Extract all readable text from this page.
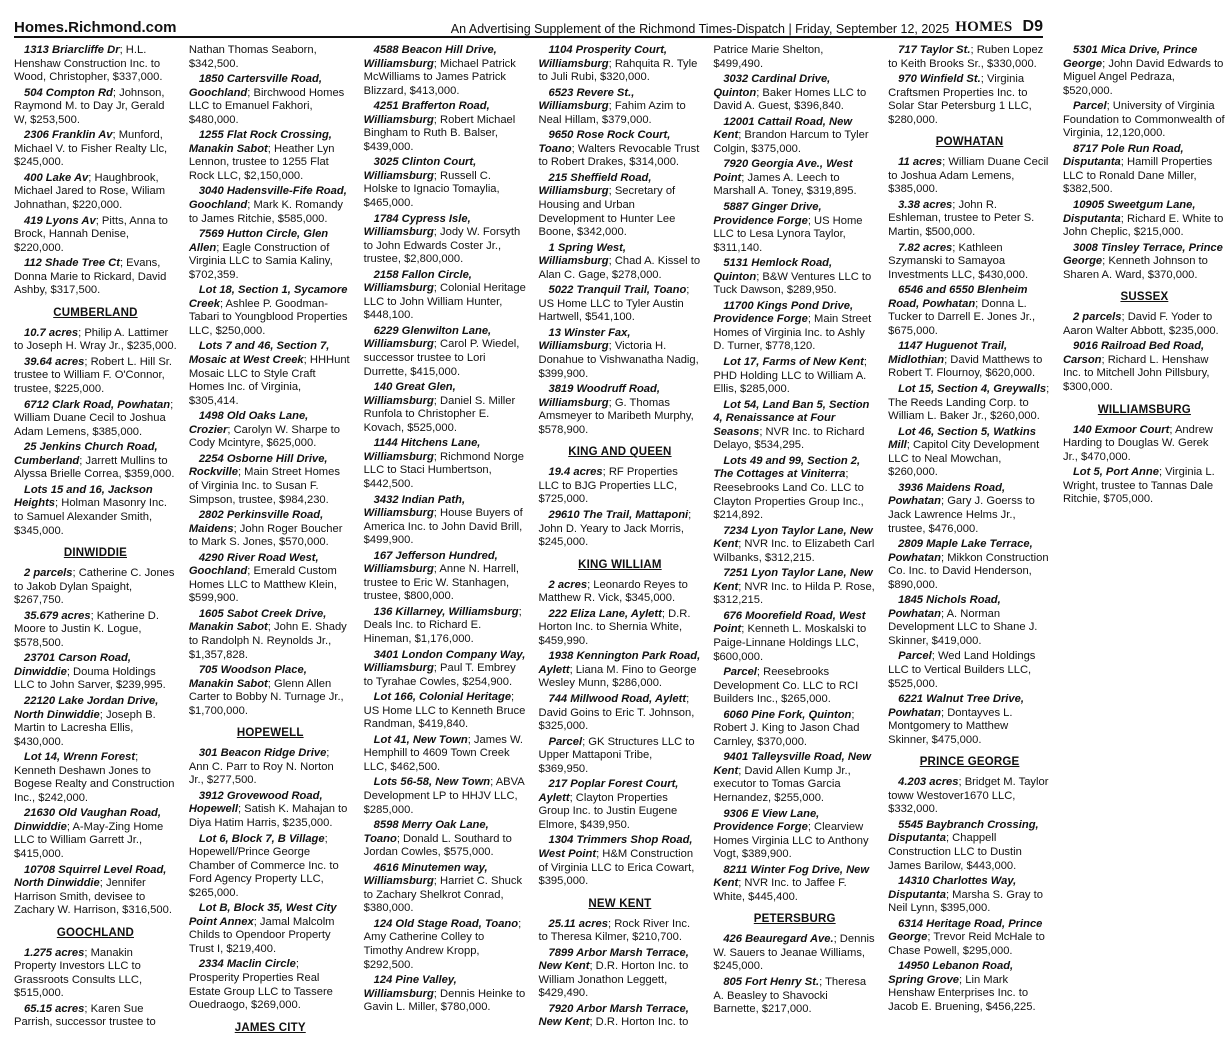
Homes.Richmond.com	An Advertising Supplement of the Richmond Times-Dispatch | Friday, September 12, 2025 HOMES D9
1313 Briarcliffe Dr; H.L. Henshaw Construction Inc. to Wood, Christopher, $337,000.
504 Compton Rd; Johnson, Raymond M. to Day Jr, Gerald W, $253,500.
2306 Franklin Av; Munford, Michael V. to Fisher Realty Llc, $245,000.
400 Lake Av; Haughbrook, Michael Jared to Rose, Wiliam Johnathan, $220,000.
419 Lyons Av; Pitts, Anna to Brock, Hannah Denise, $220,000.
112 Shade Tree Ct; Evans, Donna Marie to Rickard, David Ashby, $317,500.
CUMBERLAND
10.7 acres; Philip A. Lattimer to Joseph H. Wray Jr., $235,000.
39.64 acres; Robert L. Hill Sr. trustee to William F. O'Connor, trustee, $225,000.
6712 Clark Road, Powhatan; William Duane Cecil to Joshua Adam Lemens, $385,000.
25 Jenkins Church Road, Cumberland; Jarrett Mullins to Alyssa Brielle Correa, $359,000.
Lots 15 and 16, Jackson Heights; Holman Masonry Inc. to Samuel Alexander Smith, $345,000.
DINWIDDIE
2 parcels; Catherine C. Jones to Jakob Dylan Spaight, $267,750.
35.679 acres; Katherine D. Moore to Justin K. Logue, $578,500.
23701 Carson Road, Dinwiddie; Douma Holdings LLC to John Sarver, $239,995.
22120 Lake Jordan Drive, North Dinwiddie; Joseph B. Martin to Lacresha Ellis, $430,000.
Lot 14, Wrenn Forest; Kenneth Deshawn Jones to Bogese Realty and Construction Inc., $242,000.
21630 Old Vaughan Road, Dinwiddie; A-May-Zing Home LLC to William Garrett Jr., $415,000.
10708 Squirrel Level Road, North Dinwiddie; Jennifer Harrison Smith, devisee to Zachary W. Harrison, $316,500.
GOOCHLAND
1.275 acres; Manakin Property Investors LLC to Grassroots Consults LLC, $515,000.
65.15 acres; Karen Sue Parrish, successor trustee to Nathan Thomas Seaborn, $342,500.
1850 Cartersville Road, Goochland; Birchwood Homes LLC to Emanuel Fakhori, $480,000.
1255 Flat Rock Crossing, Manakin Sabot; Heather Lyn Lennon, trustee to 1255 Flat Rock LLC, $2,150,000.
3040 Hadensville-Fife Road, Goochland; Mark K. Romandy to James Ritchie, $585,000.
7569 Hutton Circle, Glen Allen; Eagle Construction of Virginia LLC to Samia Kaliny, $702,359.
Lot 18, Section 1, Sycamore Creek; Ashlee P. Goodman-Tabari to Youngblood Properties LLC, $250,000.
Lots 7 and 46, Section 7, Mosaic at West Creek; HHHunt Mosaic LLC to Style Craft Homes Inc. of Virginia, $305,414.
1498 Old Oaks Lane, Crozier; Carolyn W. Sharpe to Cody Mcintyre, $625,000.
2254 Osborne Hill Drive, Rockville; Main Street Homes of Virginia Inc. to Susan F. Simpson, trustee, $984,230.
2802 Perkinsville Road, Maidens; John Roger Boucher to Mark S. Jones, $570,000.
4290 River Road West, Goochland; Emerald Custom Homes LLC to Matthew Klein, $599,900.
1605 Sabot Creek Drive, Manakin Sabot; John E. Shady to Randolph N. Reynolds Jr., $1,357,828.
705 Woodson Place, Manakin Sabot; Glenn Allen Carter to Bobby N. Turnage Jr., $1,700,000.
HOPEWELL
301 Beacon Ridge Drive; Ann C. Parr to Roy N. Norton Jr., $277,500.
3912 Grovewood Road, Hopewell; Satish K. Mahajan to Diya Hatim Harris, $235,000.
Lot 6, Block 7, B Village; Hopewell/Prince George Chamber of Commerce Inc. to Ford Agency Property LLC, $265,000.
Lot B, Block 35, West City Point Annex; Jamal Malcolm Childs to Opendoor Property Trust I, $219,400.
2334 Maclin Circle; Prosperity Properties Real Estate Group LLC to Tassere Ouedraogo, $269,000.
JAMES CITY
4588 Beacon Hill Drive, Williamsburg; Michael Patrick McWilliams to James Patrick Blizzard, $413,000.
4251 Brafferton Road, Williamsburg; Robert Michael Bingham to Ruth B. Balser, $439,000.
3025 Clinton Court, Williamsburg; Russell C. Holske to Ignacio Tomaylia, $465,000.
1784 Cypress Isle, Williamsburg; Jody W. Forsyth to John Edwards Coster Jr., trustee, $2,800,000.
2158 Fallon Circle, Williamsburg; Colonial Heritage LLC to John William Hunter, $448,100.
6229 Glenwilton Lane, Williamsburg; Carol P. Wiedel, successor trustee to Lori Durrette, $415,000.
140 Great Glen, Williamsburg; Daniel S. Miller Runfola to Christopher E. Kovach, $525,000.
1144 Hitchens Lane, Williamsburg; Richmond Norge LLC to Staci Humbertson, $442,500.
3432 Indian Path, Williamsburg; House Buyers of America Inc. to John David Brill, $499,900.
167 Jefferson Hundred, Williamsburg; Anne N. Harrell, trustee to Eric W. Stanhagen, trustee, $800,000.
136 Killarney, Williamsburg; Deals Inc. to Richard E. Hineman, $1,176,000.
3401 London Company Way, Williamsburg; Paul T. Embrey to Tyrahae Cowles, $254,900.
Lot 166, Colonial Heritage; US Home LLC to Kenneth Bruce Randman, $419,840.
Lot 41, New Town; James W. Hemphill to 4609 Town Creek LLC, $462,500.
Lots 56-58, New Town; ABVA Development LP to HHJV LLC, $285,000.
8598 Merry Oak Lane, Toano; Donald L. Southard to Jordan Cowles, $575,000.
4616 Minutemen way, Williamsburg; Harriet C. Shuck to Zachary Shelkrot Conrad, $380,000.
124 Old Stage Road, Toano; Amy Catherine Colley to Timothy Andrew Kropp, $292,500.
124 Pine Valley, Williamsburg; Dennis Heinke to Gavin L. Miller, $780,000.
1104 Prosperity Court, Williamsburg; Rahquita R. Tyle to Juli Rubi, $320,000.
6523 Revere St., Williamsburg; Fahim Azim to Neal Hillam, $379,000.
9650 Rose Rock Court, Toano; Walters Revocable Trust to Robert Drakes, $314,000.
215 Sheffield Road, Williamsburg; Secretary of Housing and Urban Development to Hunter Lee Boone, $342,000.
1 Spring West, Williamsburg; Chad A. Kissel to Alan C. Gage, $278,000.
5022 Tranquil Trail, Toano; US Home LLC to Tyler Austin Hartwell, $541,100.
13 Winster Fax, Williamsburg; Victoria H. Donahue to Vishwanatha Nadig, $399,900.
3819 Woodruff Road, Williamsburg; G. Thomas Amsmeyer to Maribeth Murphy, $578,900.
KING AND QUEEN
19.4 acres; RF Properties LLC to BJG Properties LLC, $725,000.
29610 The Trail, Mattaponi; John D. Yeary to Jack Morris, $245,000.
KING WILLIAM
2 acres; Leonardo Reyes to Matthew R. Vick, $345,000.
222 Eliza Lane, Aylett; D.R. Horton Inc. to Shernia White, $459,990.
1938 Kennington Park Road, Aylett; Liana M. Fino to George Wesley Munn, $286,000.
744 Millwood Road, Aylett; David Goins to Eric T. Johnson, $325,000.
Parcel; GK Structures LLC to Upper Mattaponi Tribe, $369,950.
217 Poplar Forest Court, Aylett; Clayton Properties Group Inc. to Justin Eugene Elmore, $439,950.
1304 Trimmers Shop Road, West Point; H&M Construction of Virginia LLC to Erica Cowart, $395,000.
NEW KENT
25.11 acres; Rock River Inc. to Theresa Kilmer, $210,700.
7899 Arbor Marsh Terrace, New Kent; D.R. Horton Inc. to William Jonathon Leggett, $429,490.
7920 Arbor Marsh Terrace, New Kent; D.R. Horton Inc. to Patrice Marie Shelton, $499,490.
3032 Cardinal Drive, Quinton; Baker Homes LLC to David A. Guest, $396,840.
12001 Cattail Road, New Kent; Brandon Harcum to Tyler Colgin, $375,000.
7920 Georgia Ave., West Point; James A. Leech to Marshall A. Toney, $319,895.
5887 Ginger Drive, Providence Forge; US Home LLC to Lesa Lynora Taylor, $311,140.
5131 Hemlock Road, Quinton; B&W Ventures LLC to Tuck Dawson, $289,950.
11700 Kings Pond Drive, Providence Forge; Main Street Homes of Virginia Inc. to Ashly D. Turner, $778,120.
Lot 17, Farms of New Kent; PHD Holding LLC to William A. Ellis, $285,000.
Lot 54, Land Ban 5, Section 4, Renaissance at Four Seasons; NVR Inc. to Richard Delayo, $534,295.
Lots 49 and 99, Section 2, The Cottages at Viniterra; Reesebrooks Land Co. LLC to Clayton Properties Group Inc., $214,892.
7234 Lyon Taylor Lane, New Kent; NVR Inc. to Elizabeth Carl Wilbanks, $312,215.
7251 Lyon Taylor Lane, New Kent; NVR Inc. to Hilda P. Rose, $312,215.
676 Moorefield Road, West Point; Kenneth L. Moskalski to Paige-Linnane Holdings LLC, $600,000.
Parcel; Reesebrooks Development Co. LLC to RCI Builders Inc., $265,000.
6060 Pine Fork, Quinton; Robert J. King to Jason Chad Carnley, $370,000.
9401 Talleysville Road, New Kent; David Allen Kump Jr., executor to Tomas Garcia Hernandez, $255,000.
9306 E View Lane, Providence Forge; Clearview Homes Virginia LLC to Anthony Vogt, $389,900.
8211 Winter Fog Drive, New Kent; NVR Inc. to Jaffee F. White, $445,400.
PETERSBURG
426 Beauregard Ave.; Dennis W. Sauers to Jeanae Williams, $245,000.
805 Fort Henry St.; Theresa A. Beasley to Shavocki Barnette, $217,000.
717 Taylor St.; Ruben Lopez to Keith Brooks Sr., $330,000.
970 Winfield St.; Virginia Craftsmen Properties Inc. to Solar Star Petersburg 1 LLC, $280,000.
POWHATAN
11 acres; William Duane Cecil to Joshua Adam Lemens, $385,000.
3.38 acres; John R. Eshleman, trustee to Peter S. Martin, $500,000.
7.82 acres; Kathleen Szymanski to Samayoa Investments LLC, $430,000.
6546 and 6550 Blenheim Road, Powhatan; Donna L. Tucker to Darrell E. Jones Jr., $675,000.
1147 Huguenot Trail, Midlothian; David Matthews to Robert T. Flournoy, $620,000.
Lot 15, Section 4, Greywalls; The Reeds Landing Corp. to William L. Baker Jr., $260,000.
Lot 46, Section 5, Watkins Mill; Capitol City Development LLC to Neal Mowchan, $260,000.
3936 Maidens Road, Powhatan; Gary J. Goerss to Jack Lawrence Helms Jr., trustee, $476,000.
2809 Maple Lake Terrace, Powhatan; Mikkon Construction Co. Inc. to David Henderson, $890,000.
1845 Nichols Road, Powhatan; A. Norman Development LLC to Shane J. Skinner, $419,000.
Parcel; Wed Land Holdings LLC to Vertical Builders LLC, $525,000.
6221 Walnut Tree Drive, Powhatan; Dontayves L. Montgomery to Matthew Skinner, $475,000.
PRINCE GEORGE
4.203 acres; Bridget M. Taylor toww Westover1670 LLC, $332,000.
5545 Baybranch Crossing, Disputanta; Chappell Construction LLC to Dustin James Barilow, $443,000.
14310 Charlottes Way, Disputanta; Marsha S. Gray to Neil Lynn, $395,000.
6314 Heritage Road, Prince George; Trevor Reid McHale to Chase Powell, $295,000.
14950 Lebanon Road, Spring Grove; Lin Mark Henshaw Enterprises Inc. to Jacob E. Bruening, $456,225.
5301 Mica Drive, Prince George; John David Edwards to Miguel Angel Pedraza, $520,000.
Parcel; University of Virginia Foundation to Commonwealth of Virginia, 12,120,000.
8717 Pole Run Road, Disputanta; Hamill Properties LLC to Ronald Dane Miller, $382,500.
10905 Sweetgum Lane, Disputanta; Richard E. White to John Cheplic, $215,000.
3008 Tinsley Terrace, Prince George; Kenneth Johnson to Sharen A. Ward, $370,000.
SUSSEX
2 parcels; David F. Yoder to Aaron Walter Abbott, $235,000.
9016 Railroad Bed Road, Carson; Richard L. Henshaw Inc. to Mitchell John Pillsbury, $300,000.
WILLIAMSBURG
140 Exmoor Court; Andrew Harding to Douglas W. Gerek Jr., $470,000.
Lot 5, Port Anne; Virginia L. Wright, trustee to Tannas Dale Ritchie, $705,000.
